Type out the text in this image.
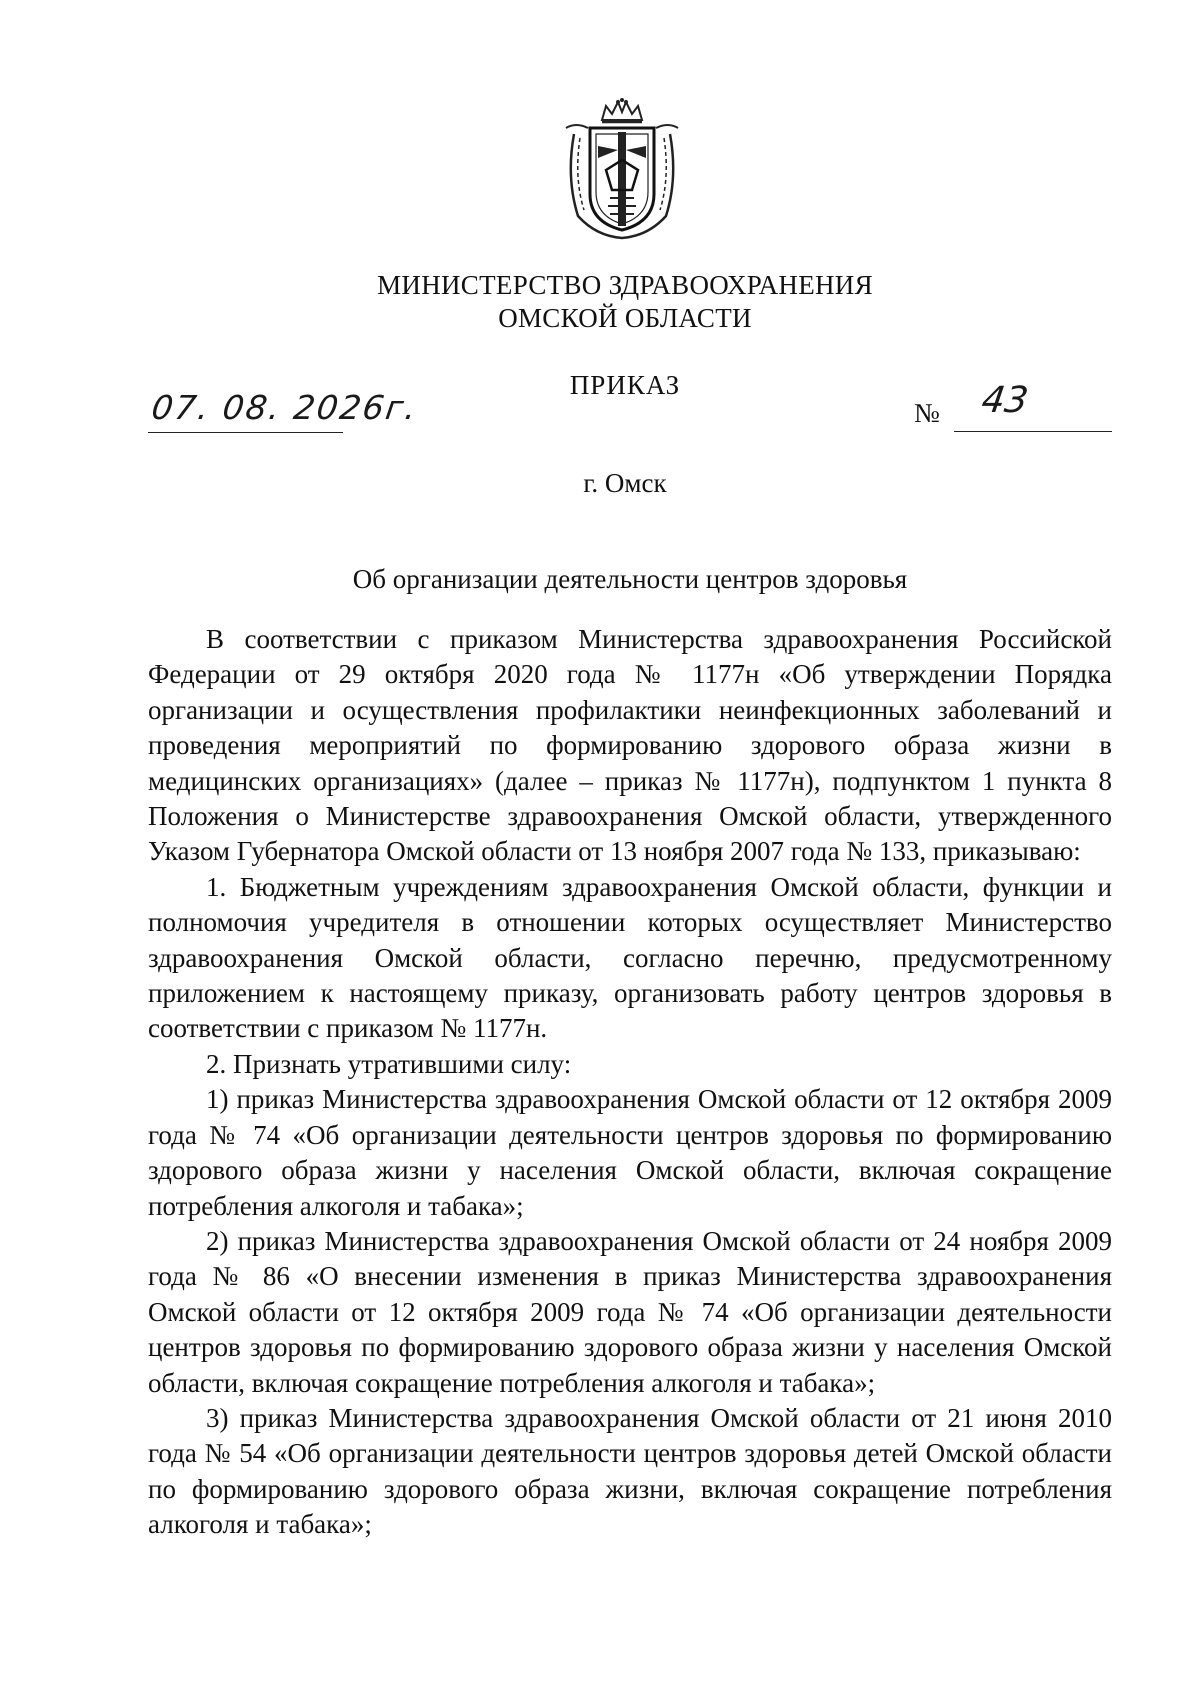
МИНИСТЕРСТВО ЗДРАВООХРАНЕНИЯ
ОМСКОЙ ОБЛАСТИ
ПРИКАЗ
07. 08. 2026г.	№ 43
г. Омск
Об организации деятельности центров здоровья

В соответствии с приказом Министерства здравоохранения Российской Федерации от 29 октября 2020 года № 1177н «Об утверждении Порядка организации и осуществления профилактики неинфекционных заболеваний и проведения мероприятий по формированию здорового образа жизни в медицинских организациях» (далее – приказ № 1177н), подпунктом 1 пункта 8 Положения о Министерстве здравоохранения Омской области, утвержденного Указом Губернатора Омской области от 13 ноября 2007 года № 133, приказываю:

1. Бюджетным учреждениям здравоохранения Омской области, функции и полномочия учредителя в отношении которых осуществляет Министерство здравоохранения Омской области, согласно перечню, предусмотренному приложением к настоящему приказу, организовать работу центров здоровья в соответствии с приказом № 1177н.

2. Признать утратившими силу:

1) приказ Министерства здравоохранения Омской области от 12 октября 2009 года № 74 «Об организации деятельности центров здоровья по формированию здорового образа жизни у населения Омской области, включая сокращение потребления алкоголя и табака»;

2) приказ Министерства здравоохранения Омской области от 24 ноября 2009 года № 86 «О внесении изменения в приказ Министерства здравоохранения Омской области от 12 октября 2009 года № 74 «Об организации деятельности центров здоровья по формированию здорового образа жизни у населения Омской области, включая сокращение потребления алкоголя и табака»;

3) приказ Министерства здравоохранения Омской области от 21 июня 2010 года № 54 «Об организации деятельности центров здоровья детей Омской области по формированию здорового образа жизни, включая сокращение потребления алкоголя и табака»;
